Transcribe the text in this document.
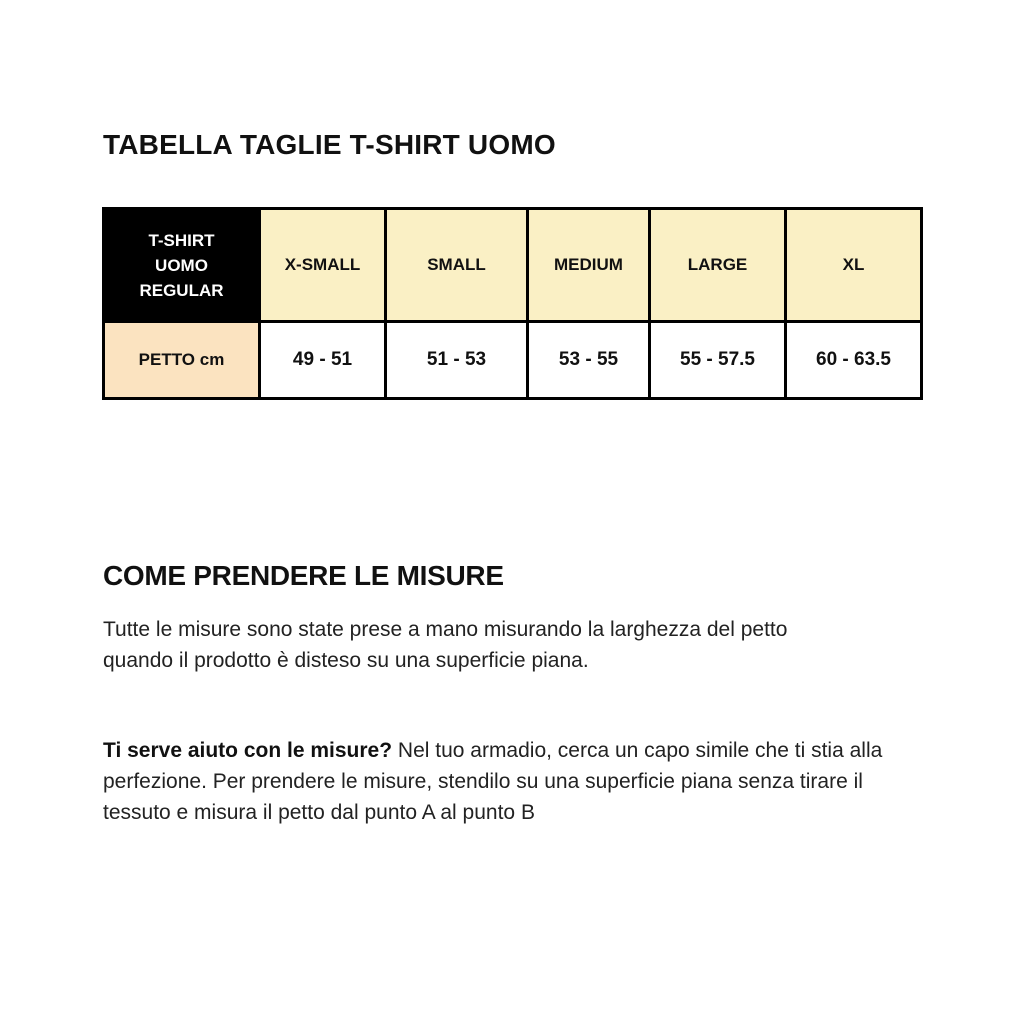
TABELLA TAGLIE T-SHIRT UOMO
T-SHIRT
UOMO
REGULAR	X-SMALL	SMALL	MEDIUM	LARGE	XL
PETTO cm	49 - 51	51 - 53	53 - 55	55 - 57.5	60 - 63.5
COME PRENDERE LE MISURE
Tutte le misure sono state prese a mano misurando la larghezza del petto
quando il prodotto è disteso su una superficie piana.
Ti serve aiuto con le misure? Nel tuo armadio, cerca un capo simile che ti stia alla
perfezione. Per prendere le misure, stendilo su una superficie piana senza tirare il
tessuto e misura il petto dal punto A al punto B
